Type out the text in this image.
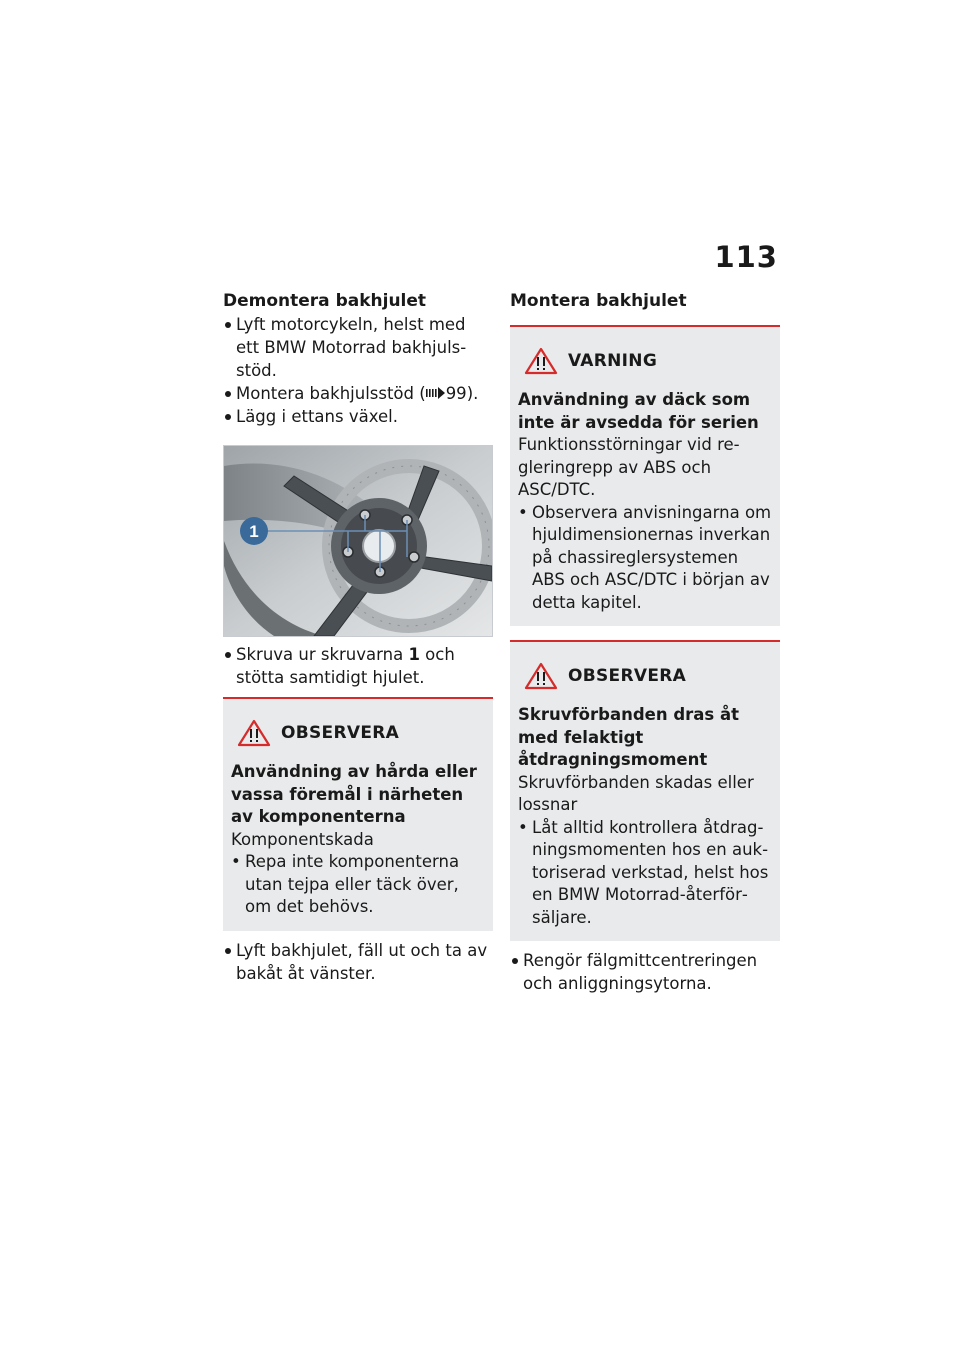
113
Demontera bakhjulet
Lyft motorcykeln, helst med ett BMW Motorrad bakhjulsstöd.
Montera bakhjulsstöd ( 99).
Lägg i ettans växel.
1
Skruva ur skruvarna 1 och stötta samtidigt hjulet.
OBSERVERA
Användning av hårda eller vassa föremål i närheten av komponenterna
Komponentskada
• Repa inte komponenterna utan tejpa eller täck över, om det behövs.
Lyft bakhjulet, fäll ut och ta av bakåt åt vänster.
Montera bakhjulet
VARNING
Användning av däck som inte är avsedda för serien
Funktionsstörningar vid regleringrepp av ABS och ASC/DTC.
• Observera anvisningarna om hjuldimensionernas inverkan på chassireglersystemen ABS och ASC/DTC i början av detta kapitel.
OBSERVERA
Skruvförbanden dras åt med felaktigt åtdragningsmoment
Skruvförbanden skadas eller lossnar
• Låt alltid kontrollera åtdragningsmomenten hos en auktoriserad verkstad, helst hos en BMW Motorrad-återförsäljare.
Rengör fälgmittcentreringen och anliggningsytorna.
